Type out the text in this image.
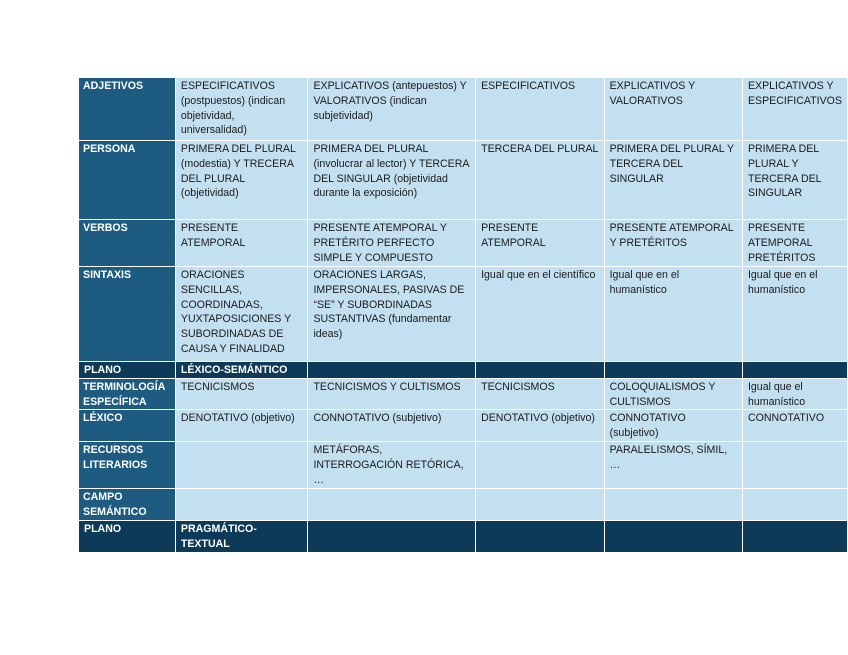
ADJETIVOS	ESPECIFICATIVOS (postpuestos) (indican objetividad, universalidad)	EXPLICATIVOS (antepuestos) Y VALORATIVOS (indican subjetividad)	ESPECIFICATIVOS	EXPLICATIVOS Y VALORATIVOS	EXPLICATIVOS Y ESPECIFICATIVOS
PERSONA	PRIMERA DEL PLURAL (modestia) Y TRECERA DEL PLURAL (objetividad)	PRIMERA DEL PLURAL (involucrar al lector) Y TERCERA DEL SINGULAR (objetividad durante la exposición)	TERCERA DEL PLURAL	PRIMERA DEL PLURAL Y TERCERA DEL SINGULAR	PRIMERA DEL PLURAL Y TERCERA DEL SINGULAR
VERBOS	PRESENTE ATEMPORAL	PRESENTE ATEMPORAL Y PRETÉRITO PERFECTO SIMPLE Y COMPUESTO	PRESENTE ATEMPORAL	PRESENTE ATEMPORAL Y PRETÉRITOS	PRESENTE ATEMPORAL PRETÉRITOS
SINTAXIS	ORACIONES SENCILLAS, COORDINADAS, YUXTAPOSICIONES Y SUBORDINADAS DE CAUSA Y FINALIDAD	ORACIONES LARGAS, IMPERSONALES, PASIVAS DE “SE” Y SUBORDINADAS SUSTANTIVAS (fundamentar ideas)	Igual que en el científico	Igual que en el humanístico	Igual que en el humanístico
PLANO	LÉXICO-SEMÁNTICO				
TERMINOLOGÍA ESPECÍFICA	TECNICISMOS	TECNICISMOS Y CULTISMOS	TECNICISMOS	COLOQUIALISMOS Y CULTISMOS	Igual que el humanístico
LÉXICO	DENOTATIVO (objetivo)	CONNOTATIVO (subjetivo)	DENOTATIVO (objetivo)	CONNOTATIVO (subjetivo)	CONNOTATIVO
RECURSOS LITERARIOS		METÁFORAS, INTERROGACIÓN RETÓRICA, …		PARALELISMOS, SÍMIL, …	
CAMPO SEMÁNTICO					
PLANO	PRAGMÁTICO-TEXTUAL				
